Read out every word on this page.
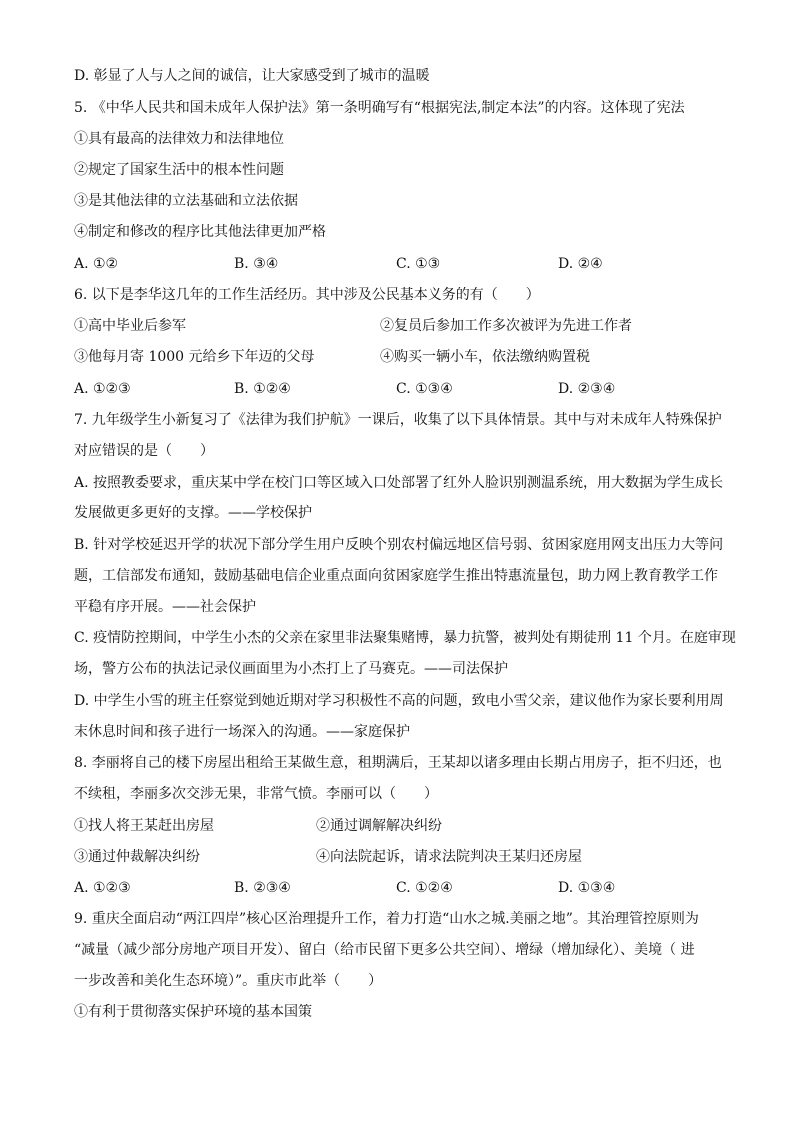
D. 彰显了人与人之间的诚信，让大家感受到了城市的温暖
5. 《中华人民共和国未成年人保护法》第一条明确写有“根据宪法,制定本法”的内容。这体现了宪法
①具有最高的法律效力和法律地位
②规定了国家生活中的根本性问题
③是其他法律的立法基础和立法依据
④制定和修改的程序比其他法律更加严格
A. ①②	B. ③④	C. ①③	D. ②④
6. 以下是李华这几年的工作生活经历。其中涉及公民基本义务的有（　　）
①高中毕业后参军	②复员后参加工作多次被评为先进工作者
③他每月寄 1000 元给乡下年迈的父母	④购买一辆小车，依法缴纳购置税
A. ①②③	B. ①②④	C. ①③④	D. ②③④
7. 九年级学生小新复习了《法律为我们护航》一课后，收集了以下具体情景。其中与对未成年人特殊保护
对应错误的是（　　）
A. 按照教委要求，重庆某中学在校门口等区域入口处部署了红外人脸识别测温系统，用大数据为学生成长
发展做更多更好的支撑。——学校保护
B. 针对学校延迟开学的状况下部分学生用户反映个别农村偏远地区信号弱、贫困家庭用网支出压力大等问
题，工信部发布通知，鼓励基础电信企业重点面向贫困家庭学生推出特惠流量包，助力网上教育教学工作
平稳有序开展。——社会保护
C. 疫情防控期间，中学生小杰的父亲在家里非法聚集赌博，暴力抗警，被判处有期徒刑 11 个月。在庭审现
场，警方公布的执法记录仪画面里为小杰打上了马赛克。——司法保护
D. 中学生小雪的班主任察觉到她近期对学习积极性不高的问题，致电小雪父亲，建议他作为家长要利用周
末休息时间和孩子进行一场深入的沟通。——家庭保护
8. 李丽将自己的楼下房屋出租给王某做生意，租期满后，王某却以诸多理由长期占用房子，拒不归还，也
不续租，李丽多次交涉无果，非常气愤。李丽可以（　　）
①找人将王某赶出房屋	②通过调解解决纠纷
③通过仲裁解决纠纷	④向法院起诉，请求法院判决王某归还房屋
A. ①②③	B. ②③④	C. ①②④	D. ①③④
9. 重庆全面启动“两江四岸”核心区治理提升工作，着力打造“山水之城.美丽之地”。其治理管控原则为
“减量（减少部分房地产项目开发）、留白（给市民留下更多公共空间）、增绿（增加绿化）、美境（ 进
一步改善和美化生态环境）”。重庆市此举（　　）
①有利于贯彻落实保护环境的基本国策
